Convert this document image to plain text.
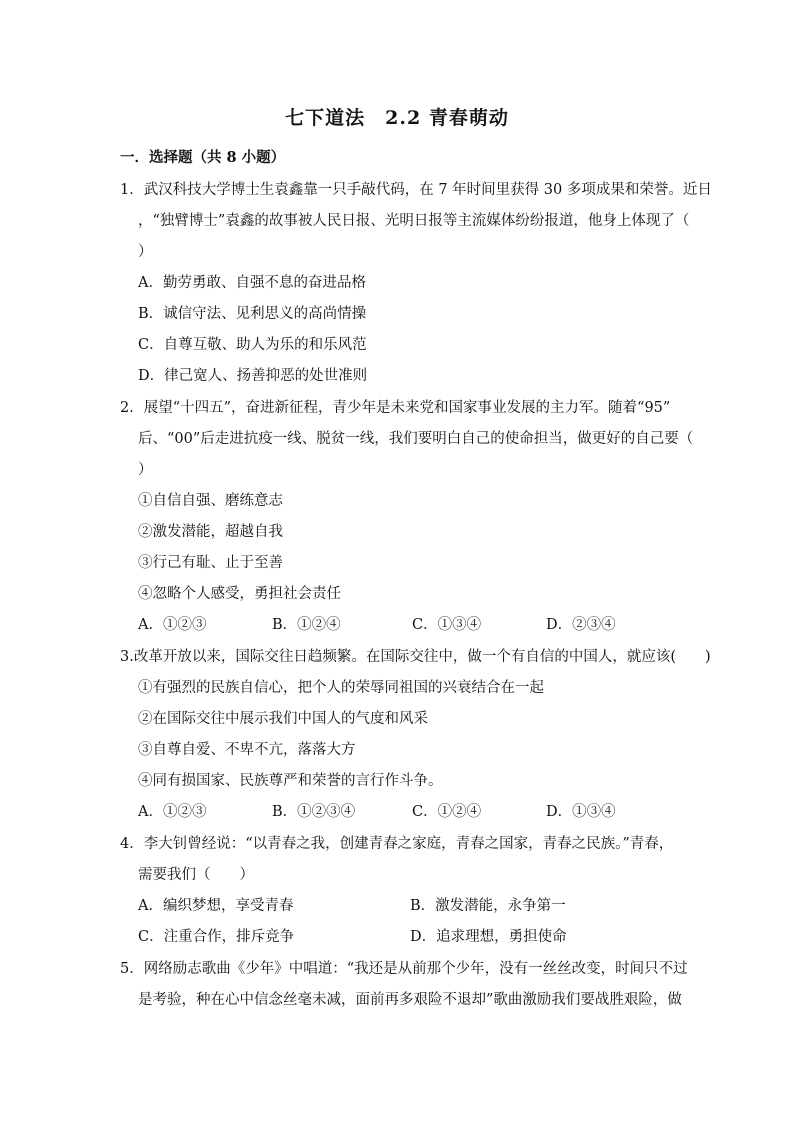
七下道法　2.2 青春萌动
一．选择题（共 8 小题）
1．武汉科技大学博士生袁鑫靠一只手敲代码，在 7 年时间里获得 30 多项成果和荣誉。近日
，“独臂博士”袁鑫的故事被人民日报、光明日报等主流媒体纷纷报道，他身上体现了（
）
A．勤劳勇敢、自强不息的奋进品格
B．诚信守法、见利思义的高尚情操
C．自尊互敬、助人为乐的和乐风范
D．律己宽人、扬善抑恶的处世准则
2．展望“十四五”，奋进新征程，青少年是未来党和国家事业发展的主力军。随着“95”
后、“00”后走进抗疫一线、脱贫一线，我们要明白自己的使命担当，做更好的自己要（
）
①自信自强、磨练意志
②激发潜能，超越自我
③行己有耻、止于至善
④忽略个人感受，勇担社会责任
A．①②③	B．①②④	C．①③④	D．②③④
3.改革开放以来，国际交往日趋频繁。在国际交往中，做一个有自信的中国人，就应该(　　)
①有强烈的民族自信心，把个人的荣辱同祖国的兴衰结合在一起
②在国际交往中展示我们中国人的气度和风采
③自尊自爱、不卑不亢，落落大方
④同有损国家、民族尊严和荣誉的言行作斗争。
A．①②③	B．①②③④	C．①②④	D．①③④
4．李大钊曾经说：“以青春之我，创建青春之家庭，青春之国家，青春之民族。”青春，
需要我们（　　）
A．编织梦想，享受青春	B．激发潜能，永争第一
C．注重合作，排斥竞争	D．追求理想，勇担使命
5．网络励志歌曲《少年》中唱道：“我还是从前那个少年，没有一丝丝改变，时间只不过
是考验，种在心中信念丝毫未减，面前再多艰险不退却”歌曲激励我们要战胜艰险，做
